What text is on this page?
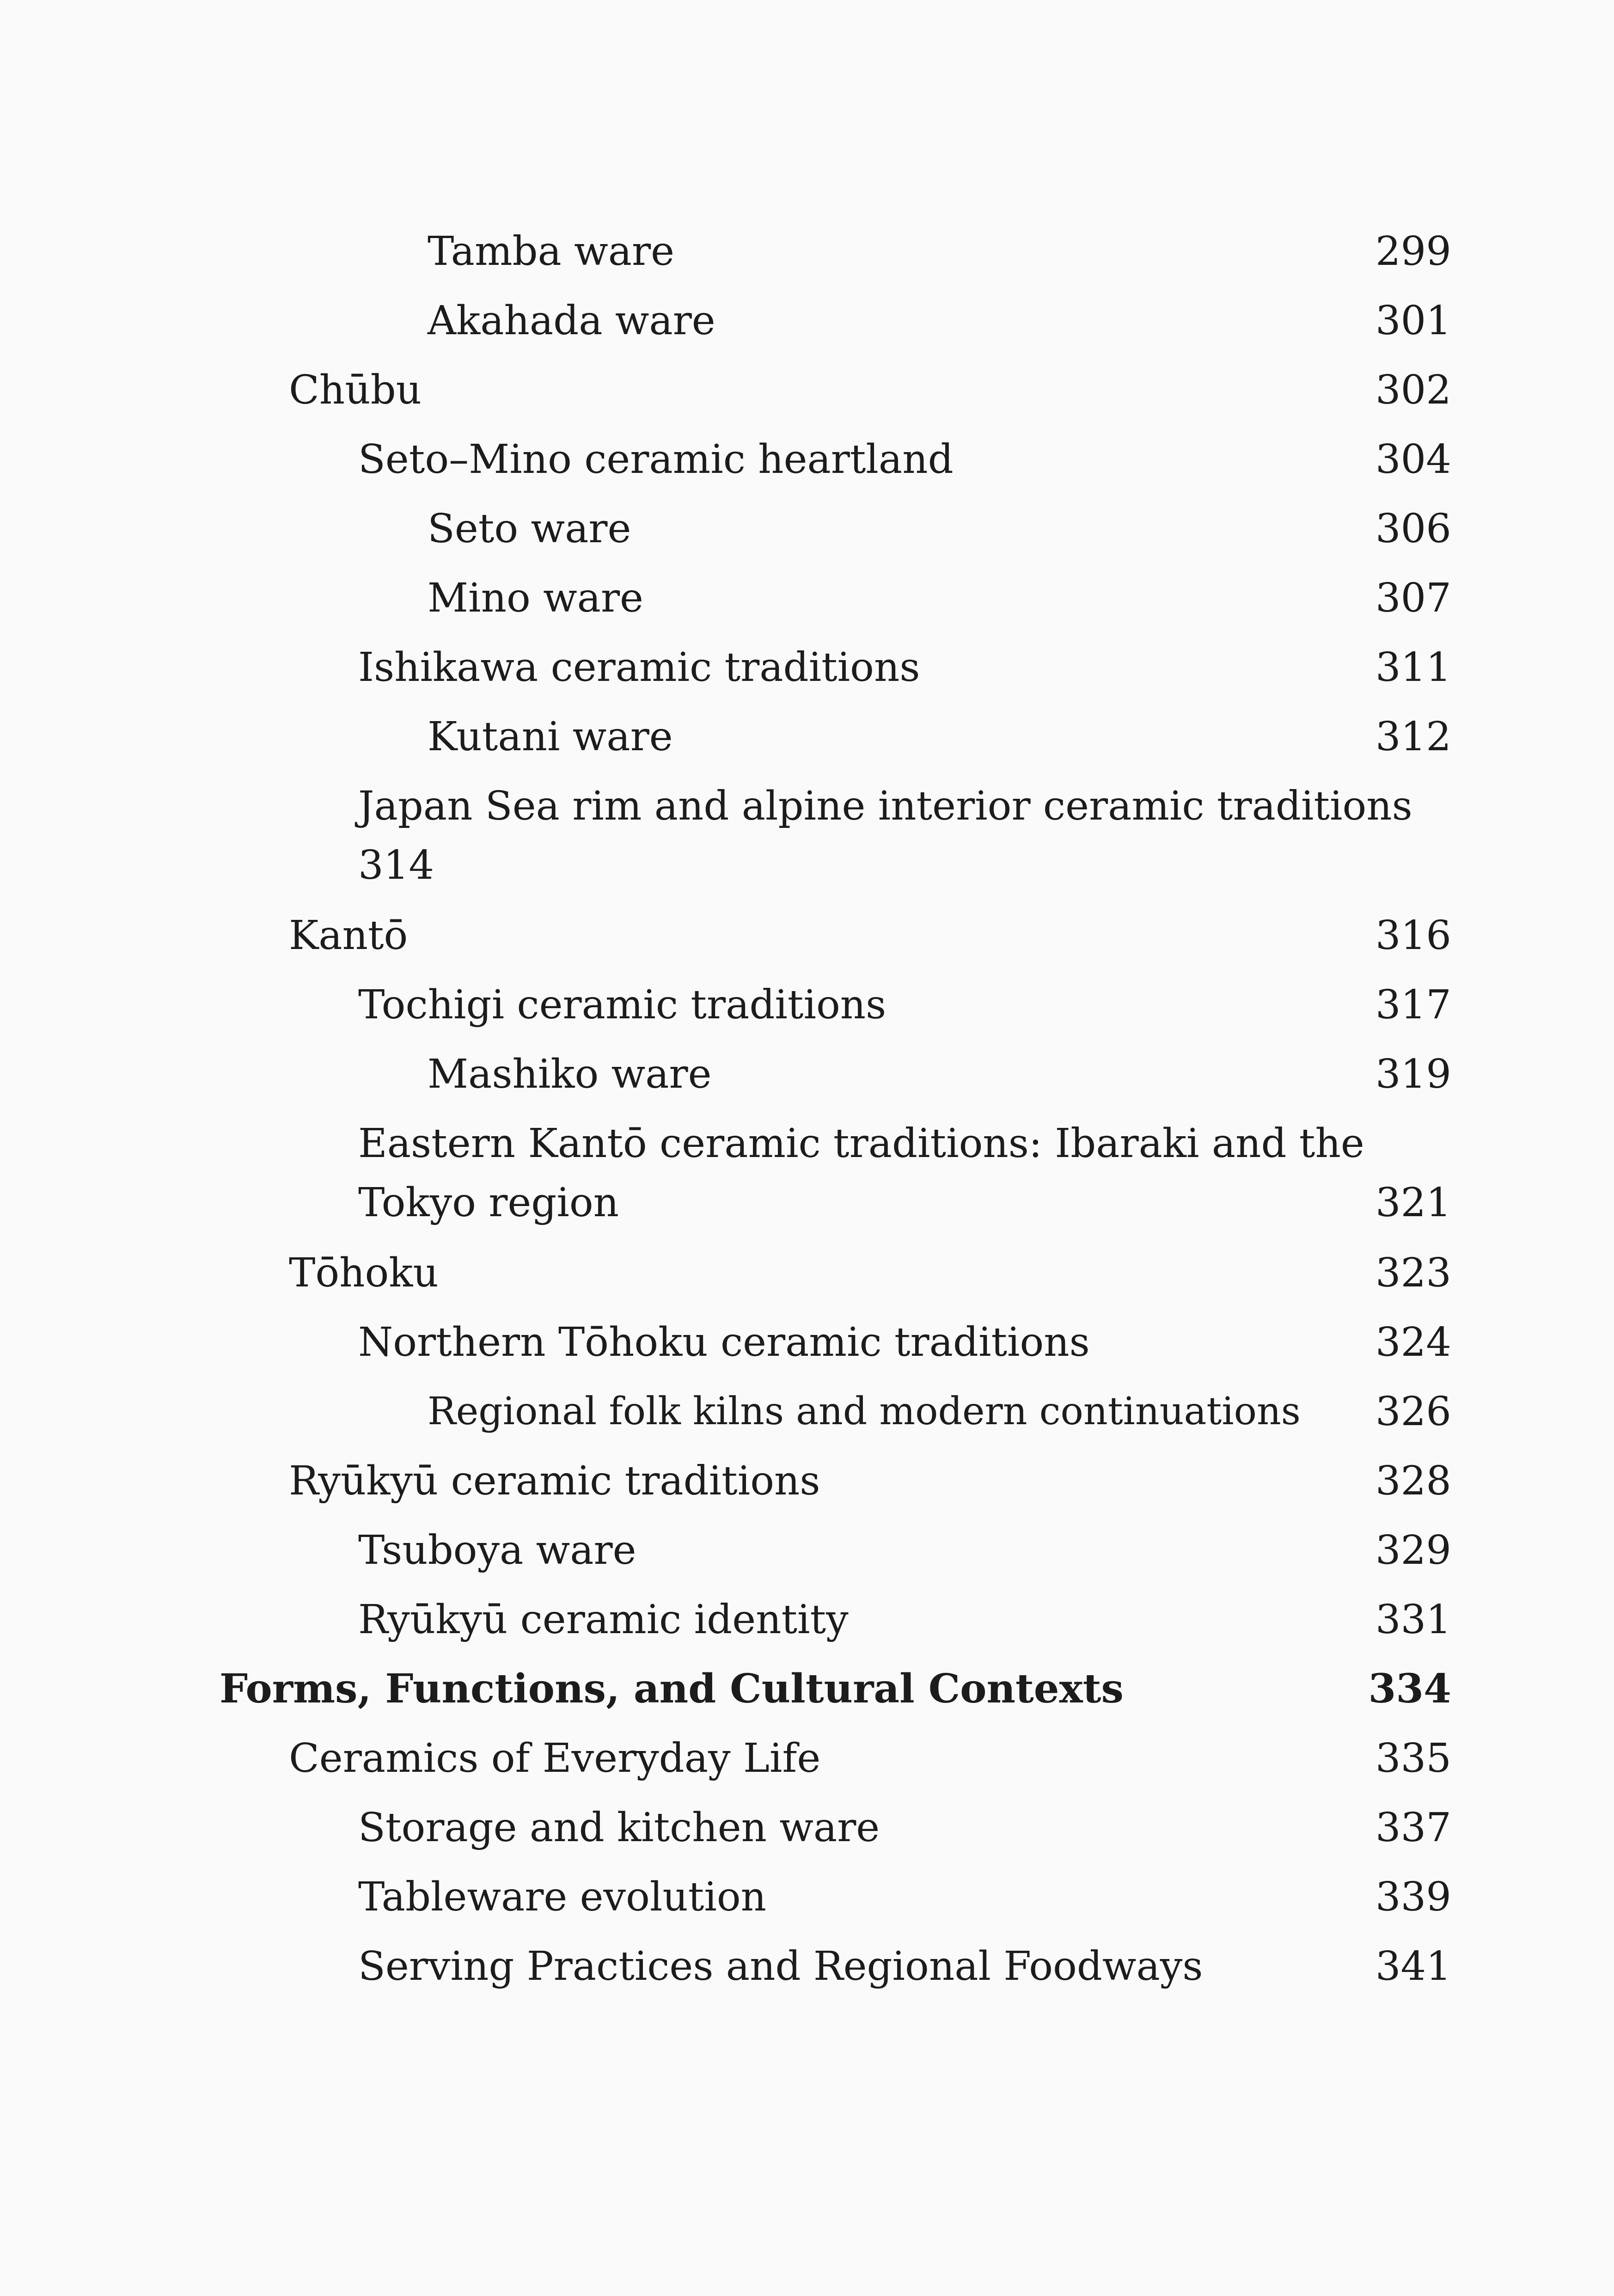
Tamba ware	299
Akahada ware	301
Chūbu	302
Seto–Mino ceramic heartland	304
Seto ware	306
Mino ware	307
Ishikawa ceramic traditions	311
Kutani ware	312
Japan Sea rim and alpine interior ceramic traditions
314
Kantō	316
Tochigi ceramic traditions	317
Mashiko ware	319
Eastern Kantō ceramic traditions: Ibaraki and the
Tokyo region	321
Tōhoku	323
Northern Tōhoku ceramic traditions	324
Regional folk kilns and modern continuations 326
Ryūkyū ceramic traditions	328
Tsuboya ware	329
Ryūkyū ceramic identity	331
Forms, Functions, and Cultural Contexts	334
Ceramics of Everyday Life	335
Storage and kitchen ware	337
Tableware evolution	339
Serving Practices and Regional Foodways	341
